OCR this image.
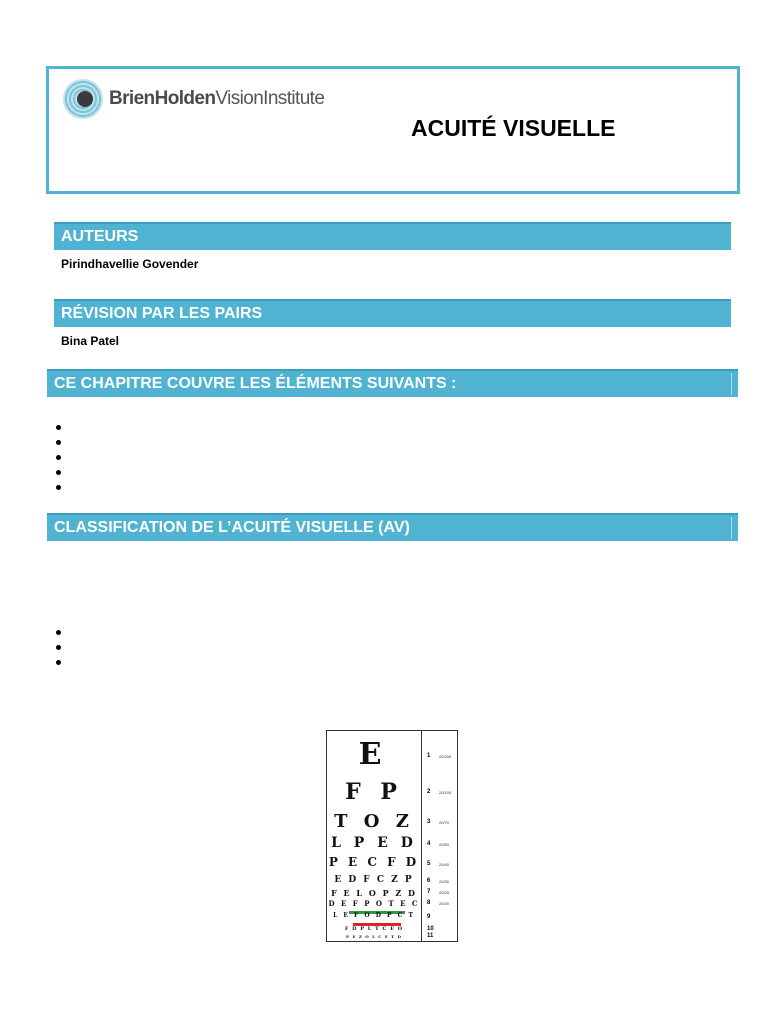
BrienHoldenVisionInstitute
ACUITÉ VISUELLE
AUTEURS
Pirindhavellie Govender
RÉVISION PAR LES PAIRS
Bina Patel
CE CHAPITRE COUVRE LES ÉLÉMENTS SUIVANTS :
CLASSIFICATION DE L’ACUITÉ VISUELLE (AV)
E
F P
T O Z
L P E D
P E C F D
E D F C Z P
F E L O P Z D
D E F P O T E C
L E F O D P C T
F D P L T C E O
P E Z O L C F T D
1
2
3
4
5
6
7
8
9
10
11
20/200
20/100
20/70
20/50
20/40
20/30
20/25
20/20
